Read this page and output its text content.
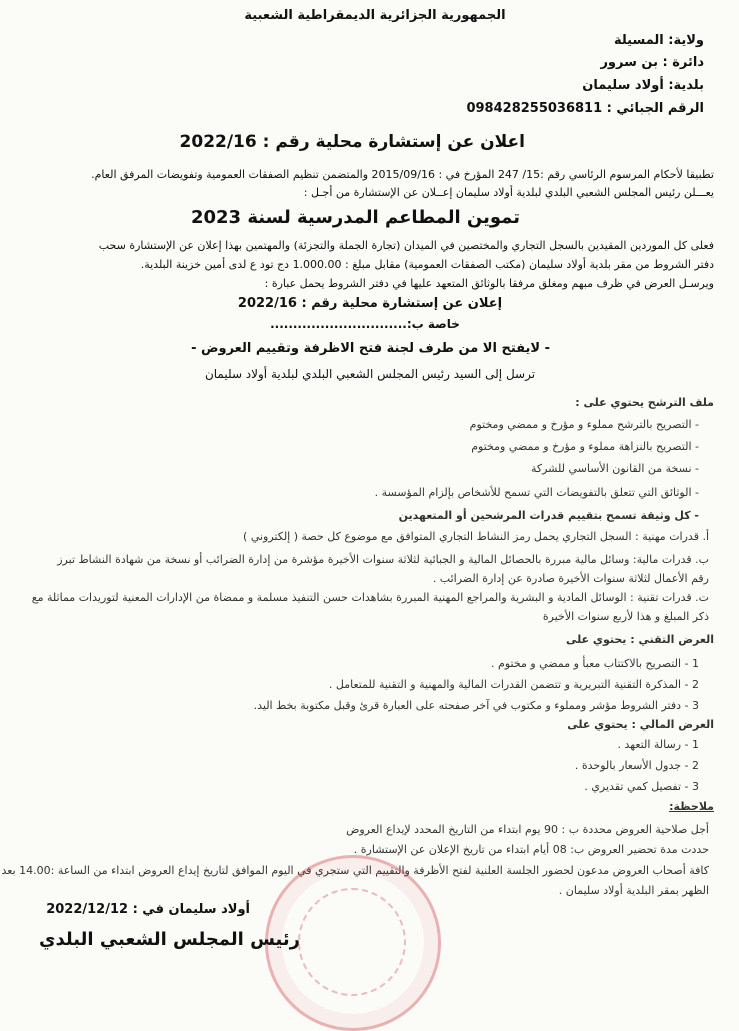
الجمهورية الجزائرية الديمقراطية الشعبية
ولاية: المسيلة
دائرة : بن سرور
بلدية: أولاد سليمان
الرقم الجبائي : 098428255036811
اعلان عن إستشارة محلية رقم : 2022/16
تطبيقا لأحكام المرسوم الرئاسي رقم :15/ 247 المؤرخ في : 2015/09/16 والمتضمن تنظيم الصفقات العمومية وتفويضات المرفق العام.
يعـــلن رئيس المجلس الشعبي البلدي لبلدية أولاد سليمان إعــلان عن الإستشارة من أجـل :
تموين المطاعم المدرسية لسنة 2023
فعلى كل الموردين المقيدين بالسجل التجاري والمختصين في الميدان (تجارة الجملة والتجزئة) والمهتمين بهذا إعلان عن الإستشارة سحب
دفتر الشروط من مقر بلدية أولاد سليمان (مكتب الصفقات العمومية) مقابل مبلغ : 1.000.00 دج تود ع لدى أمين خزينة البلدية.
ويرسـل العرض في ظرف مبهم ومغلق مرفقا بالوثائق المتعهد عليها في دفتر الشروط يحمل عبارة :
إعلان عن إستشارة محلية رقم : 2022/16
خاصة ب:..............................
- لايفتح الا من طرف لجنة فتح الاظرفة وتقييم العروض -
ترسل إلى السيد رئيس المجلس الشعبي البلدي لبلدية أولاد سليمان
ملف الترشح يحتوي على :
- التصريح بالترشح مملوء و مؤرخ و ممضي ومختوم
- التصريح بالنزاهة مملوء و مؤرخ و ممضي ومختوم
- نسخة من القانون الأساسي للشركة
- الوثائق التي تتعلق بالتفويضات التي تسمح للأشخاص بإلزام المؤسسة .
- كل وثيقة تسمح بتقييم قدرات المرشحين أو المتعهدين
أ. قدرات مهنية : السجل التجاري يحمل رمز النشاط التجاري المتوافق مع موضوع كل حصة ( إلكتروني )
ب. قدرات مالية: وسائل مالية مبررة بالحصائل المالية و الجبائية لثلاثة سنوات الأخيرة مؤشرة من إدارة الضرائب أو نسخة من شهادة النشاط تبرز
رقم الأعمال لثلاثة سنوات الأخيرة صادرة عن إدارة الضرائب .
ت. قدرات تقنية : الوسائل المادية و البشرية والمراجع المهنية المبررة بشاهدات حسن التنفيذ مسلمة و ممضاة من الإدارات المعنية لتوريدات مماثلة مع
ذكر المبلغ و هذا لأربع سنوات الأخيرة
العرض التقني : يحتوي على
1 - التصريح بالاكتتاب معبأ و ممضي و مختوم .
2 - المذكرة التقنية التبريرية و تتضمن القدرات المالية والمهنية و التقنية للمتعامل .
3 - دفتر الشروط مؤشر ومملوء و مكتوب في آخر صفحته على العبارة قرئ وقبل مكتوبة بخط اليد.
العرض المالي : يحتوي على
1 - رسالة التعهد .
2 - جدول الأسعار بالوحدة .
3 - تفصيل كمي تقديري .
ملاحظة:
أجل صلاحية العروض محددة ب : 90 يوم ابتداء من التاريخ المحدد لإيداع العروض
حددت مدة تحضير العروض ب: 08 أيام ابتداء من تاريخ الإعلان عن الإستشارة .
كافة أصحاب العروض مدعون لحضور الجلسة العلنية لفتح الأظرفة والتقييم التي ستجري في اليوم الموافق لتاريخ إيداع العروض ابتداء من الساعة :14.00 بعد
الظهر بمقر البلدية أولاد سليمان .
أولاد سليمان في : 2022/12/12
رئيس المجلس الشعبي البلدي
